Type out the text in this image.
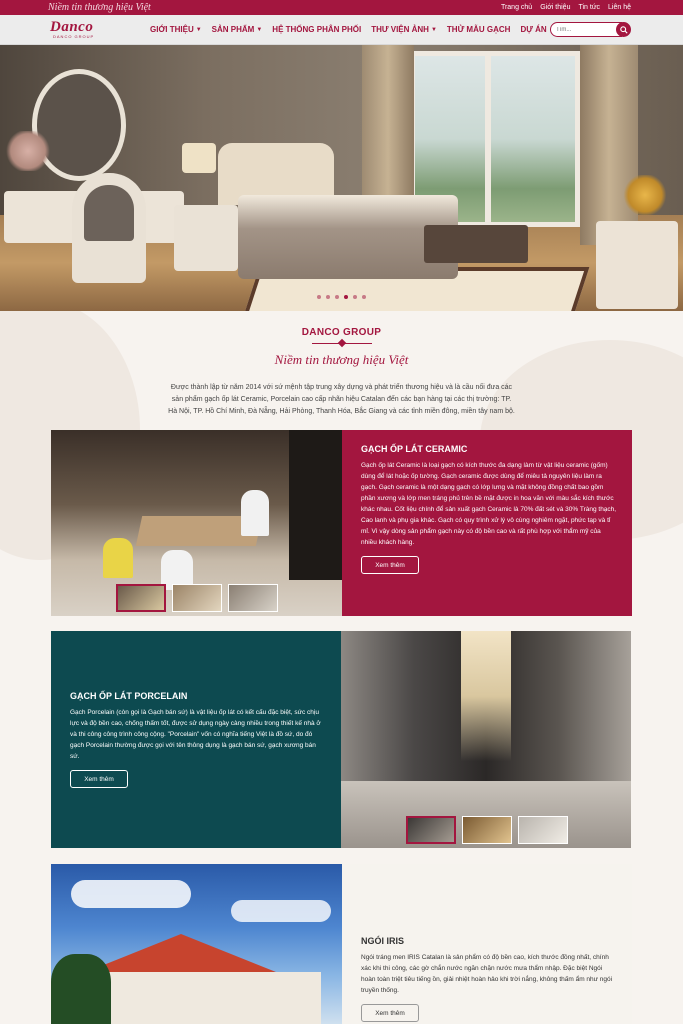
Niềm tin thương hiệu Việt	Trang chủ Giới thiệu Tin tức Liên hệ
Danco
DANCO GROUP
GIỚI THIỆU ▼ SẢN PHẨM ▼ HỆ THỐNG PHÂN PHỐI THƯ VIỆN ẢNH ▼ THỬ MẪU GẠCH DỰ ÁN
Tìm...
DANCO GROUP
Niềm tin thương hiệu Việt

Được thành lập từ năm 2014 với sứ mệnh tập trung xây dựng và phát triển thương hiệu và là cầu nối đưa các sản phẩm gạch ốp lát Ceramic, Porcelain cao cấp nhãn hiệu Catalan đến các bạn hàng tại các thị trường: TP. Hà Nội, TP. Hồ Chí Minh, Đà Nẵng, Hải Phòng, Thanh Hóa, Bắc Giang và các tỉnh miền đông, miền tây nam bộ.

GẠCH ỐP LÁT CERAMIC

Gạch ốp lát Ceramic là loại gạch có kích thước đa dạng làm từ vật liệu ceramic (gốm) dùng để lát hoặc ốp tường. Gạch ceramic được dùng để miêu tả nguyên liệu làm ra gạch. Gạch ceramic là một dạng gạch có lớp lưng và mặt không đồng chất bao gồm phần xương và lớp men tráng phủ trên bề mặt được in hoa văn với màu sắc kích thước khác nhau. Cốt liệu chính để sản xuất gạch Ceramic là 70% đất sét và 30% Tràng thạch, Cao lanh và phụ gia khác. Gạch có quy trình xử lý vô cùng nghiêm ngặt, phức tạp và tỉ mỉ. Vì vậy dòng sản phẩm gạch này có độ bền cao và rất phù hợp với thẩm mỹ của nhiều khách hàng.

Xem thêm
GẠCH ỐP LÁT PORCELAIN

Gạch Porcelain (còn gọi là Gạch bán sứ) là vật liệu ốp lát có kết cấu đặc biệt, sức chịu lực và độ bền cao, chống thấm tốt, được sử dụng ngày càng nhiều trong thiết kế nhà ở và thi công công trình công cộng. "Porcelain" vốn có nghĩa tiếng Việt là đồ sứ, do đó gạch Porcelain thường được gọi với tên thông dụng là gạch bán sứ, gạch xương bán sứ.

Xem thêm
NGÓI IRIS

Ngói tráng men IRIS Catalan là sản phẩm có độ bền cao, kích thước đồng nhất, chính xác khi thi công, các gờ chắn nước ngăn chặn nước mưa thẩm nhập. Đặc biệt Ngói hoàn toàn triệt tiêu tiếng ồn, giải nhiệt hoàn hảo khi trời nắng, không thấm ẩm như ngói truyền thống.

Xem thêm
